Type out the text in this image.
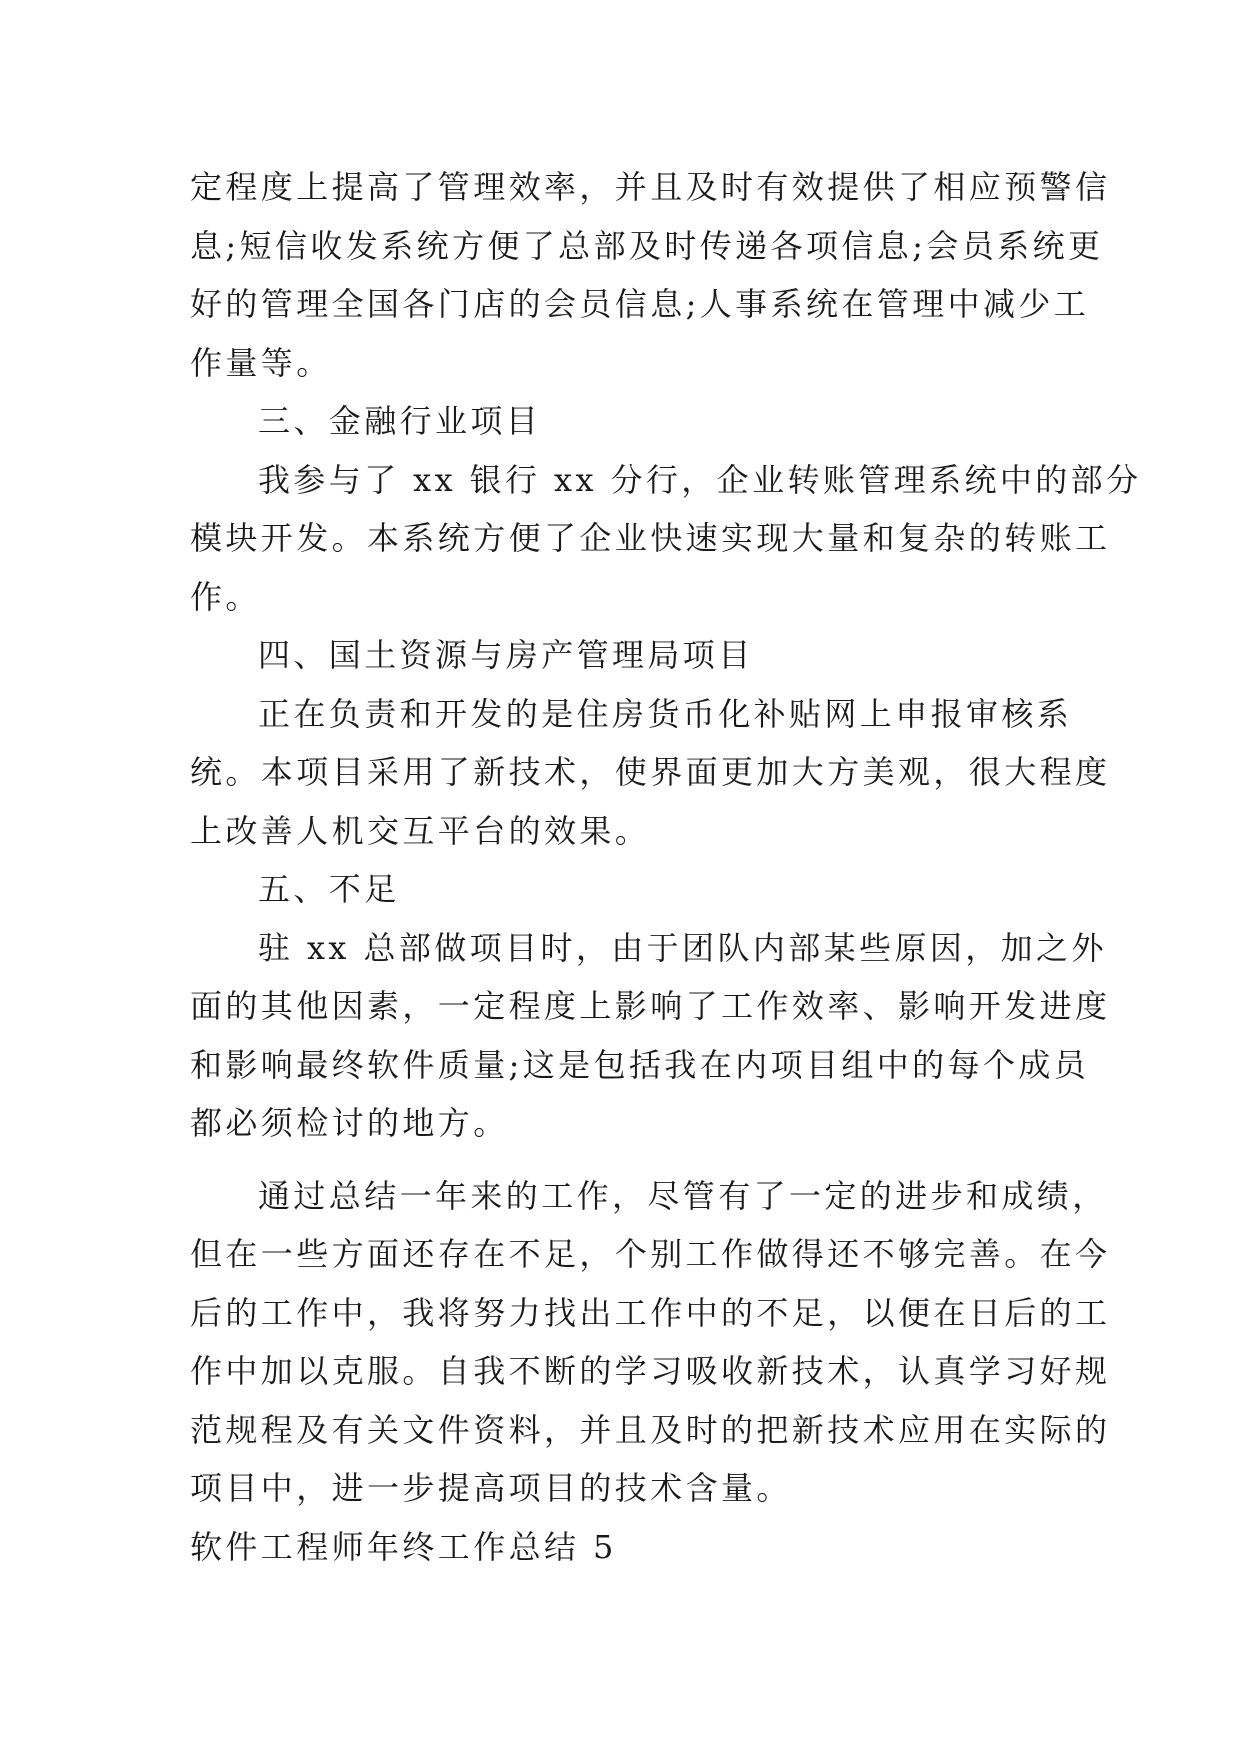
定程度上提高了管理效率，并且及时有效提供了相应预警信
息;短信收发系统方便了总部及时传递各项信息;会员系统更
好的管理全国各门店的会员信息;人事系统在管理中减少工
作量等。
三、金融行业项目
我参与了 xx 银行 xx 分行，企业转账管理系统中的部分
模块开发。本系统方便了企业快速实现大量和复杂的转账工
作。
四、国土资源与房产管理局项目
正在负责和开发的是住房货币化补贴网上申报审核系
统。本项目采用了新技术，使界面更加大方美观，很大程度
上改善人机交互平台的效果。
五、不足
驻 xx 总部做项目时，由于团队内部某些原因，加之外
面的其他因素，一定程度上影响了工作效率、影响开发进度
和影响最终软件质量;这是包括我在内项目组中的每个成员
都必须检讨的地方。
通过总结一年来的工作，尽管有了一定的进步和成绩，
但在一些方面还存在不足，个别工作做得还不够完善。在今
后的工作中，我将努力找出工作中的不足，以便在日后的工
作中加以克服。自我不断的学习吸收新技术，认真学习好规
范规程及有关文件资料，并且及时的把新技术应用在实际的
项目中，进一步提高项目的技术含量。
软件工程师年终工作总结 5
